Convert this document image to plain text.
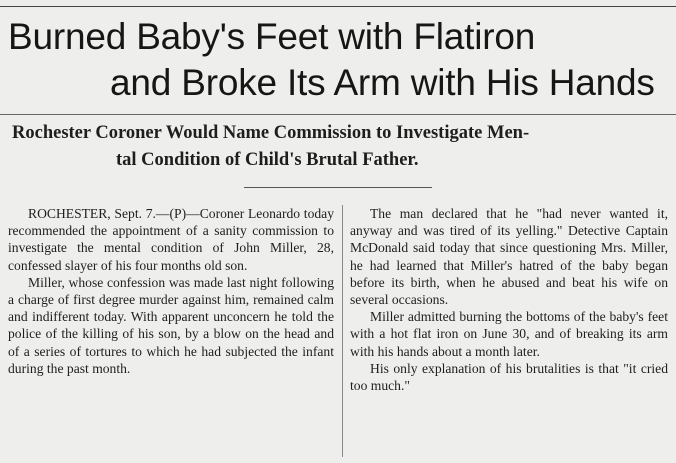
Burned Baby's Feet with Flatiron
and Broke Its Arm with His Hands
Rochester Coroner Would Name Commission to Investigate Men-
tal Condition of Child's Brutal Father.

ROCHESTER, Sept. 7.—(P)—Coroner Leonardo today recommended the appointment of a sanity commission to investigate the mental condition of John Miller, 28, confessed slayer of his four months old son.

Miller, whose confession was made last night following a charge of first degree murder against him, remained calm and indifferent today. With apparent unconcern he told the police of the killing of his son, by a blow on the head and of a series of tortures to which he had subjected the infant during the past month.

The man declared that he "had never wanted it, anyway and was tired of its yelling." Detective Captain McDonald said today that since questioning Mrs. Miller, he had learned that Miller's hatred of the baby began before its birth, when he abused and beat his wife on several occasions.

Miller admitted burning the bottoms of the baby's feet with a hot flat iron on June 30, and of breaking its arm with his hands about a month later.

His only explanation of his brutalities is that "it cried too much."
